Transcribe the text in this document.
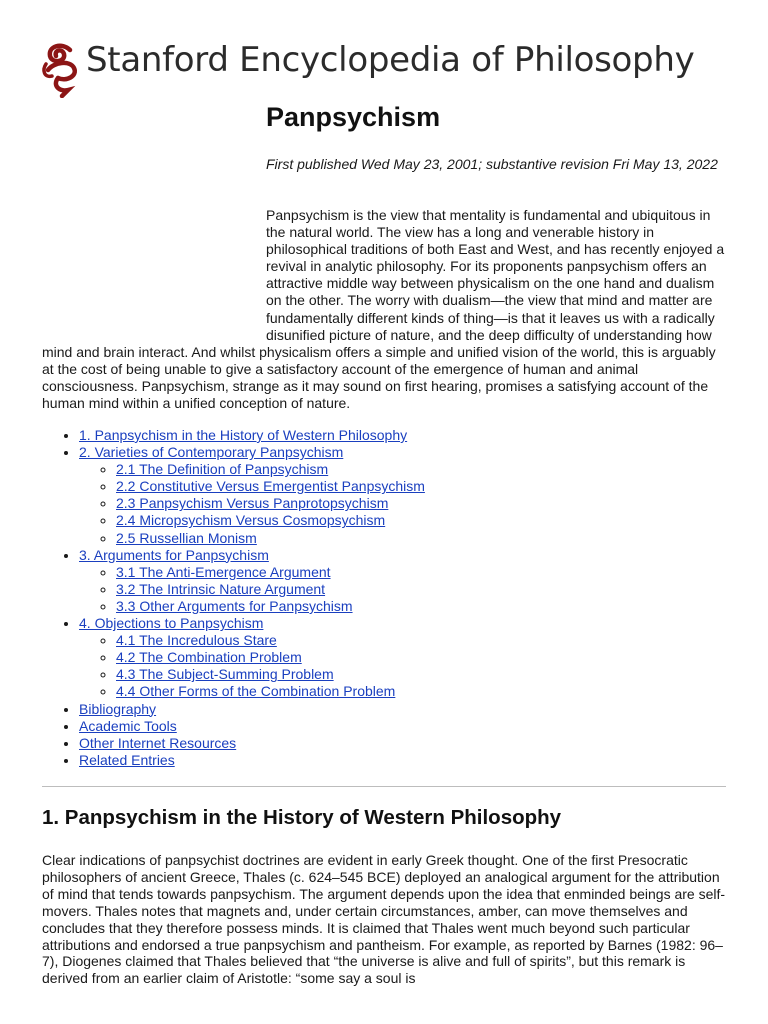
Stanford Encyclopedia of Philosophy
Panpsychism

First published Wed May 23, 2001; substantive revision Fri May 13, 2022

Panpsychism is the view that mentality is fundamental and ubiquitous in the natural world. The view has a long and venerable history in philosophical traditions of both East and West, and has recently enjoyed a revival in analytic philosophy. For its proponents panpsychism offers an attractive middle way between physicalism on the one hand and dualism on the other. The worry with dualism—the view that mind and matter are fundamentally different kinds of thing—is that it leaves us with a radically disunified picture of nature, and the deep difficulty of understanding how mind and brain interact. And whilst physicalism offers a simple and unified vision of the world, this is arguably at the cost of being unable to give a satisfactory account of the emergence of human and animal consciousness. Panpsychism, strange as it may sound on first hearing, promises a satisfying account of the human mind within a unified conception of nature.

• 1. Panpsychism in the History of Western Philosophy
• 2. Varieties of Contemporary Panpsychism
◦ 2.1 The Definition of Panpsychism
◦ 2.2 Constitutive Versus Emergentist Panpsychism
◦ 2.3 Panpsychism Versus Panprotopsychism
◦ 2.4 Micropsychism Versus Cosmopsychism
◦ 2.5 Russellian Monism
• 3. Arguments for Panpsychism
◦ 3.1 The Anti-Emergence Argument
◦ 3.2 The Intrinsic Nature Argument
◦ 3.3 Other Arguments for Panpsychism
• 4. Objections to Panpsychism
◦ 4.1 The Incredulous Stare
◦ 4.2 The Combination Problem
◦ 4.3 The Subject-Summing Problem
◦ 4.4 Other Forms of the Combination Problem
• Bibliography
• Academic Tools
• Other Internet Resources
• Related Entries
1. Panpsychism in the History of Western Philosophy

Clear indications of panpsychist doctrines are evident in early Greek thought. One of the first Presocratic philosophers of ancient Greece, Thales (c. 624–545 BCE) deployed an analogical argument for the attribution of mind that tends towards panpsychism. The argument depends upon the idea that enminded beings are self-movers. Thales notes that magnets and, under certain circumstances, amber, can move themselves and concludes that they therefore possess minds. It is claimed that Thales went much beyond such particular attributions and endorsed a true panpsychism and pantheism. For example, as reported by Barnes (1982: 96–7), Diogenes claimed that Thales believed that “the universe is alive and full of spirits”, but this remark is derived from an earlier claim of Aristotle: “some say a soul is
